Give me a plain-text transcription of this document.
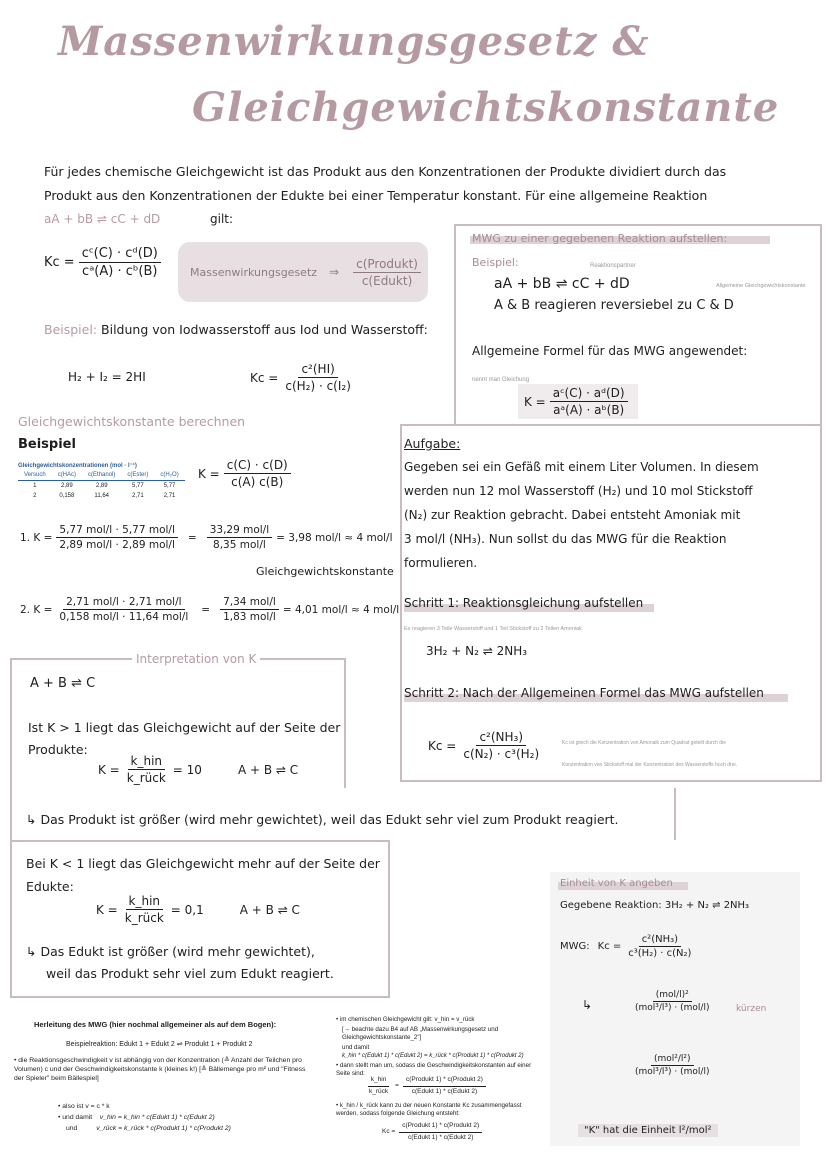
Massenwirkungsgesetz &
Gleichgewichtskonstante
Für jedes chemische Gleichgewicht ist das Produkt aus den Konzentrationen der Produkte dividiert durch das
Produkt aus den Konzentrationen der Edukte bei einer Temperatur konstant. Für eine allgemeine Reaktion
aA + bB ⇌ cC + dD	gilt:
$Kc = \frac{\text{cᶜ(C) · cᵈ(D)}}{\text{cᵃ(A) · cᵇ(B)}}$	Massenwirkungsgesetz ⇒ $\frac{\text{c(Produkt)}}{\text{c(Edukt)}}$
Beispiel: Bildung von Iodwasserstoff aus Iod und Wasserstoff:
H₂ + I₂ = 2HI	$Kc = \frac{\text{c²(HI)}}{\text{c(H₂) · c(I₂)}}$
Gleichgewichtskonstante berechnen
Beispiel
Gleichgewichtskonzentrationen (mol · l⁻¹)
Versuch	c(HAc)	c(Ethanol)	c(Ester)	c(H₂O)
1	2,89	2,89	5,77	5,77
2	0,158	11,64	2,71	2,71
$K = \frac{c(C) \cdot c(D)}{c(A) c(B)}$
1. $K = \frac{\text{5,77 mol/l · 5,77 mol/l}}{\text{2,89 mol/l · 2,89 mol/l}} = \frac{\text{33,29 mol/l}}{\text{8,35 mol/l}} = 3,98$ mol/l ≈ 4 mol/l
Gleichgewichtskonstante
2. $K = \frac{\text{2,71 mol/l · 2,71 mol/l}}{\text{0,158 mol/l · 11,64 mol/l}} = \frac{\text{7,34 mol/l}}{\text{1,83 mol/l}} = 4,01$ mol/l ≈ 4 mol/l
Interpretation von K
A + B ⇌ C
Ist K > 1 liegt das Gleichgewicht auf der Seite der
Produkte:
$K = \frac{\text{k\_hin}}{\text{k\_rück}} = 10$	A + B ⇌ C
↳ Das Produkt ist größer (wird mehr gewichtet), weil das Edukt sehr viel zum Produkt reagiert.
Bei K < 1 liegt das Gleichgewicht mehr auf der Seite der
Edukte:
$K = \frac{\text{k\_hin}}{\text{k\_rück}} = 0,1$	A + B ⇌ C
↳ Das Edukt ist größer (wird mehr gewichtet),
weil das Produkt sehr viel zum Edukt reagiert.
MWG zu einer gegebenen Reaktion aufstellen:
Beispiel:	Reaktionspartner
aA + bB ⇌ cC + dD	Allgemeine Gleichgewichtskonstante
A & B reagieren reversiebel zu C & D
Allgemeine Formel für das MWG angewendet:
nennt man Gleichung
$K = \frac{\text{aᶜ(C) · aᵈ(D)}}{\text{aᵃ(A) · aᵇ(B)}}$
Aufgabe:
Gegeben sei ein Gefäß mit einem Liter Volumen. In diesem
werden nun 12 mol Wasserstoff (H₂) und 10 mol Stickstoff
(N₂) zur Reaktion gebracht. Dabei entsteht Amoniak mit
3 mol/l (NH₃). Nun sollst du das MWG für die Reaktion
formulieren.
Schritt 1: Reaktionsgleichung aufstellen
Es reagieren 3 Teile Wasserstoff und 1 Teil Stickstoff zu 2 Teilen Amoniak
3H₂ + N₂ ⇌ 2NH₃
Schritt 2: Nach der Allgemeinen Formel das MWG aufstellen
$Kc = \frac{\text{c²(NH₃)}}{\text{c(N₂) · c³(H₂)}}$	Kc ist gleich die Konzentration von Amonaik zum Quadrat geteilt durch die
Konzentration von Stickstoff mal der Konzentration des Wasserstoffs hoch drei.
Einheit von K angeben
Gegebene Reaktion: 3H₂ + N₂ ⇌ 2NH₃
MWG: $Kc = \frac{\text{c²(NH₃)}}{\text{c³(H₂) · c(N₂)}}$
↳	$\frac{\text{(mol/l)²}}{\text{(mol³/l³) · (mol/l)}}$	kürzen
$\frac{\text{(mol²/l²)}}{\text{(mol³/l³) · (mol/l)}}$
"K" hat die Einheit l²/mol²
Herleitung des MWG (hier nochmal allgemeiner als auf dem Bogen):
Beispielreaktion: Edukt 1 + Edukt 2 ⇌ Produkt 1 + Produkt 2
• die Reaktionsgeschwindigkeit v ist abhängig von der Konzentration (≙ Anzahl der Teilchen pro Volumen) c und der Geschwindigkeitskonstante k (kleines k!) [≙ Bällemenge pro m² und "Fitness der Spieler" beim Bällespiel]
• also ist v = c * k
• und damit v_hin = k_hin * c(Edukt 1) * c(Edukt 2)
und	v_rück = k_rück * c(Produkt 1) * c(Produkt 2)
• im chemischen Gleichgewicht gilt: v_hin = v_rück
[→ beachte dazu B4 auf AB „Massenwirkungsgesetz und Gleichgewichtskonstante_2"]
und damit
k_hin * c(Edukt 1) * c(Edukt 2) = k_rück * c(Produkt 1) * c(Produkt 2)
• dann stellt man um, sodass die Geschwindigkeitskonstanten auf einer Seite sind:
$\frac{\text{k\_hin}}{\text{k\_rück}} = \frac{\text{c(Produkt 1) * c(Produkt 2)}}{\text{c(Edukt 1) * c(Edukt 2)}}$
• k_hin / k_rück kann zu der neuen Konstante Kc zusammengefasst werden, sodass folgende Gleichung entsteht:
$Kc = \frac{\text{c(Produkt 1) * c(Produkt 2)}}{\text{c(Edukt 1) * c(Edukt 2)}}$
